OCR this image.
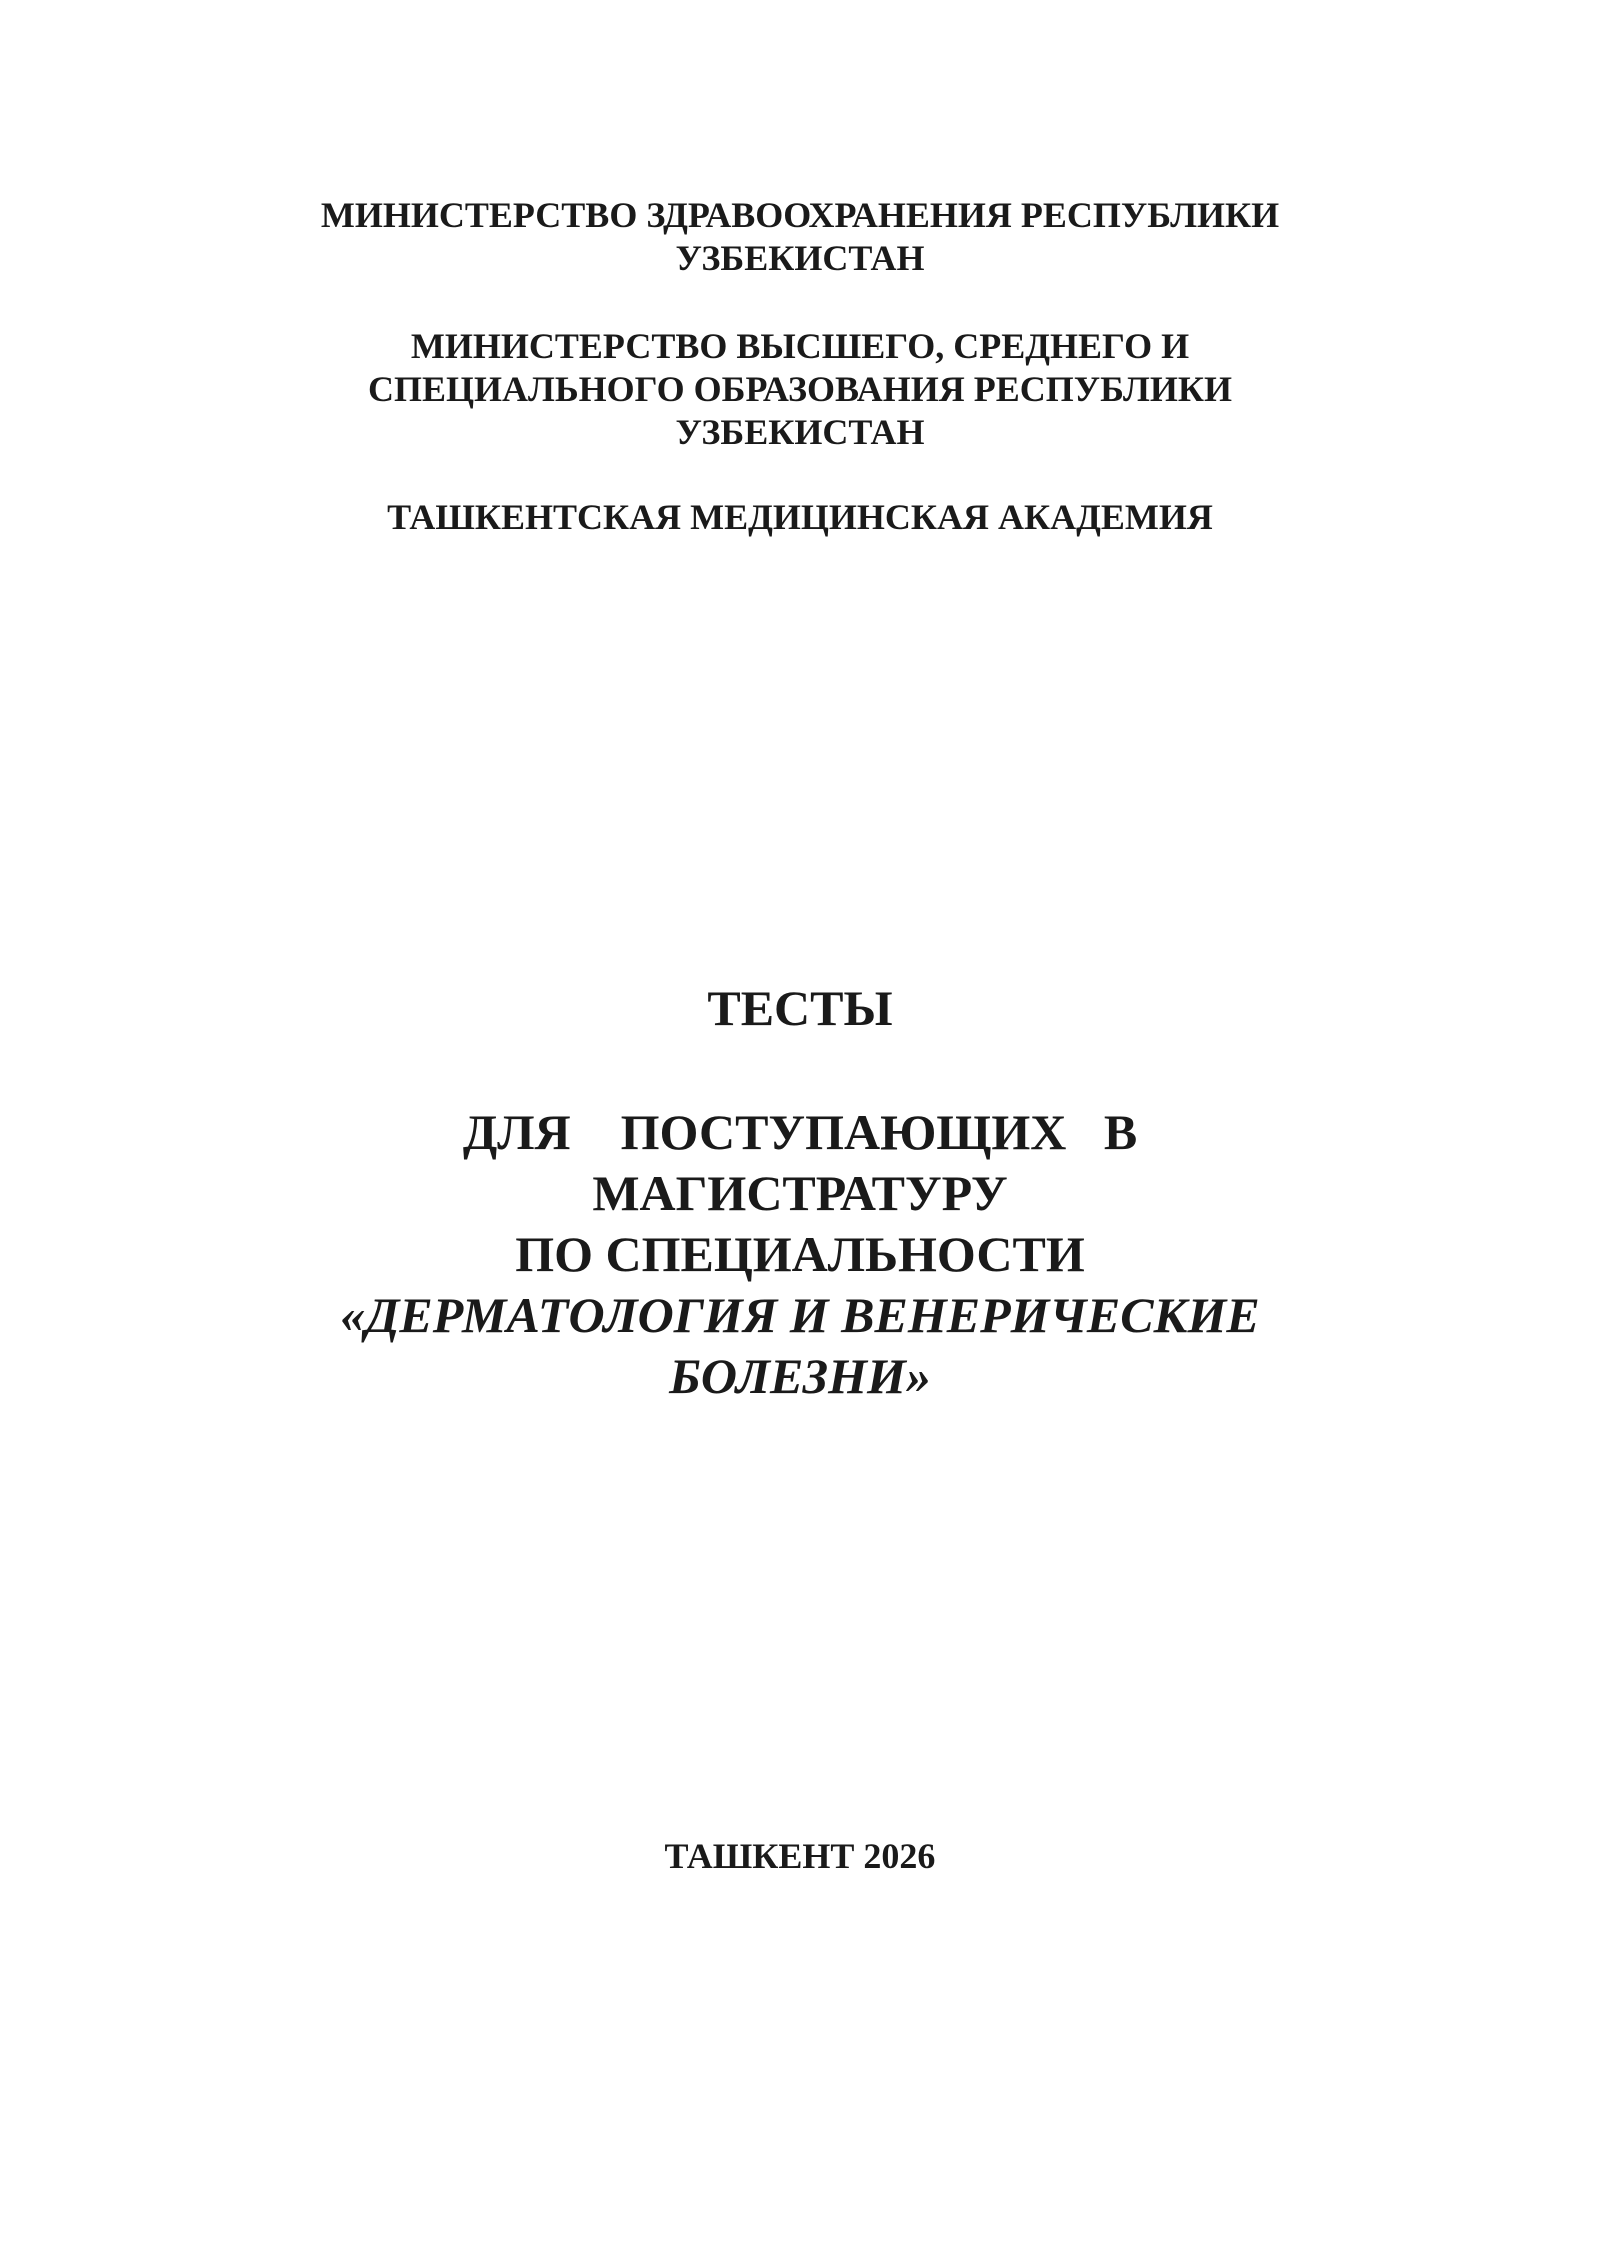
МИНИСТЕРСТВО ЗДРАВООХРАНЕНИЯ РЕСПУБЛИКИ
УЗБЕКИСТАН
МИНИСТЕРСТВО ВЫСШЕГО, СРЕДНЕГО И
СПЕЦИАЛЬНОГО ОБРАЗОВАНИЯ РЕСПУБЛИКИ
УЗБЕКИСТАН
ТАШКЕНТСКАЯ МЕДИЦИНСКАЯ АКАДЕМИЯ
ТЕСТЫ
ДЛЯ    ПОСТУПАЮЩИХ   В
МАГИСТРАТУРУ
ПО СПЕЦИАЛЬНОСТИ
«ДЕРМАТОЛОГИЯ И ВЕНЕРИЧЕСКИЕ
БОЛЕЗНИ»
ТАШКЕНТ 2026
